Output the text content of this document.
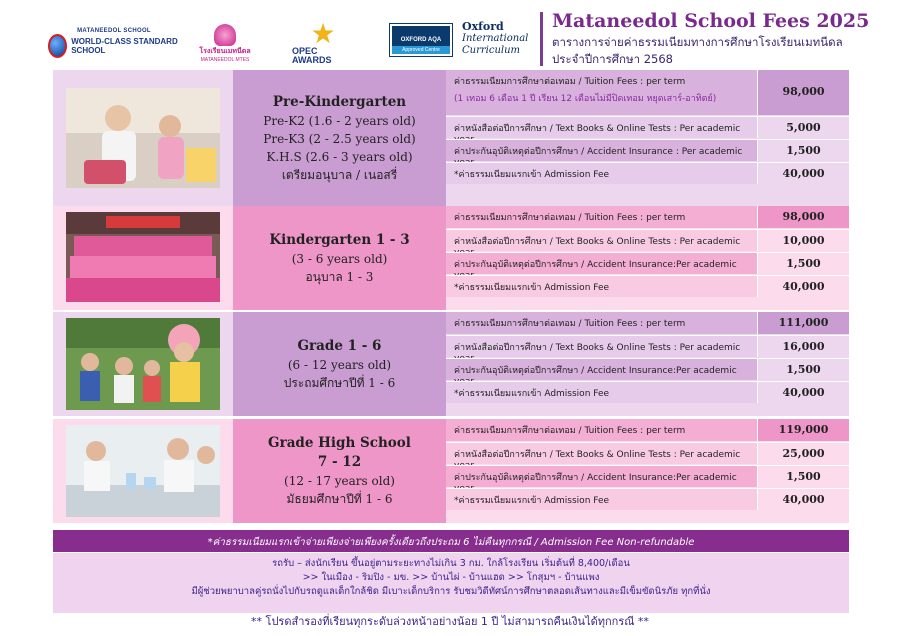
MATANEEDOL SCHOOL
WORLD-CLASS STANDARD SCHOOL	โรงเรียนเมทนีดล
MATANEEDOL MTES
★
OPEC AWARDS
OXFORD AQA
Approved Centre
Oxford
International Curriculum
Mataneedol School Fees 2025
ตารางการจ่ายค่าธรรมเนียมทางการศึกษาโรงเรียนเมทนีดล
ประจำปีการศึกษา 2568
Pre-Kindergarten
Pre-K2 (1.6 - 2 years old)
Pre-K3 (2 - 2.5 years old)
K.H.S (2.6 - 3 years old)
เตรียมอนุบาล / เนอสรี่
ค่าธรรมเนียมการศึกษาต่อเทอม / Tuition Fees : per term
(1 เทอม 6 เดือน 1 ปี เรียน 12 เดือนไม่มีปิดเทอม หยุดเสาร์-อาทิตย์)
98,000
ค่าหนังสือต่อปีการศึกษา / Text Books & Online Tests : Per academic	5,000
ค่าประกันอุบัติเหตุต่อปีการศึกษา / Accident Insurance : Per academic	1,500
*ค่าธรรมเนียมแรกเข้า Admission Fee	40,000
Kindergarten 1 - 3
(3 - 6 years old)
อนุบาล 1 - 3
ค่าธรรมเนียมการศึกษาต่อเทอม / Tuition Fees : per term	98,000
ค่าหนังสือต่อปีการศึกษา / Text Books & Online Tests : Per academic	10,000
ค่าประกันอุบัติเหตุต่อปีการศึกษา / Accident Insurance:Per academic	1,500
*ค่าธรรมเนียมแรกเข้า Admission Fee	40,000
Grade 1 - 6
(6 - 12 years old)
ประถมศึกษาปีที่ 1 - 6
ค่าธรรมเนียมการศึกษาต่อเทอม / Tuition Fees : per term	111,000
ค่าหนังสือต่อปีการศึกษา / Text Books & Online Tests : Per academic	16,000
ค่าประกันอุบัติเหตุต่อปีการศึกษา / Accident Insurance:Per academic	1,500
*ค่าธรรมเนียมแรกเข้า Admission Fee	40,000
Grade High School
7 - 12
(12 - 17 years old)
มัธยมศึกษาปีที่ 1 - 6
ค่าธรรมเนียมการศึกษาต่อเทอม / Tuition Fees : per term	119,000
ค่าหนังสือต่อปีการศึกษา / Text Books & Online Tests : Per academic	25,000
ค่าประกันอุบัติเหตุต่อปีการศึกษา / Accident Insurance:Per academic	1,500
*ค่าธรรมเนียมแรกเข้า Admission Fee	40,000
*ค่าธรรมเนียมแรกเข้าจ่ายเพียงจ่ายเพียงครั้งเดียวถึงประถม 6 ไม่คืนทุกกรณี / Admission Fee Non-refundable
รถรับ – ส่งนักเรียน ขึ้นอยู่ตามระยะทางไม่เกิน 3 กม. ใกล้โรงเรียน เริ่มต้นที่ 8,400/เดือน
>> ในเมือง - ริมปิง - มข. >> บ้านไผ่ - บ้านแฮด >> โกสุมฯ - บ้านแพง
มีผู้ช่วยพยาบาลคู่รถนั่งไปกับรถดูแลเด็กใกล้ชิด มีเบาะเด็กบริการ รับชมวิดีทัศน์การศึกษาตลอดเส้นทางและมีเข็มขัดนิรภัย ทุกที่นั่ง
** โปรดสำรองที่เรียนทุกระดับล่วงหน้าอย่างน้อย 1 ปี ไม่สามารถคืนเงินได้ทุกกรณี **
